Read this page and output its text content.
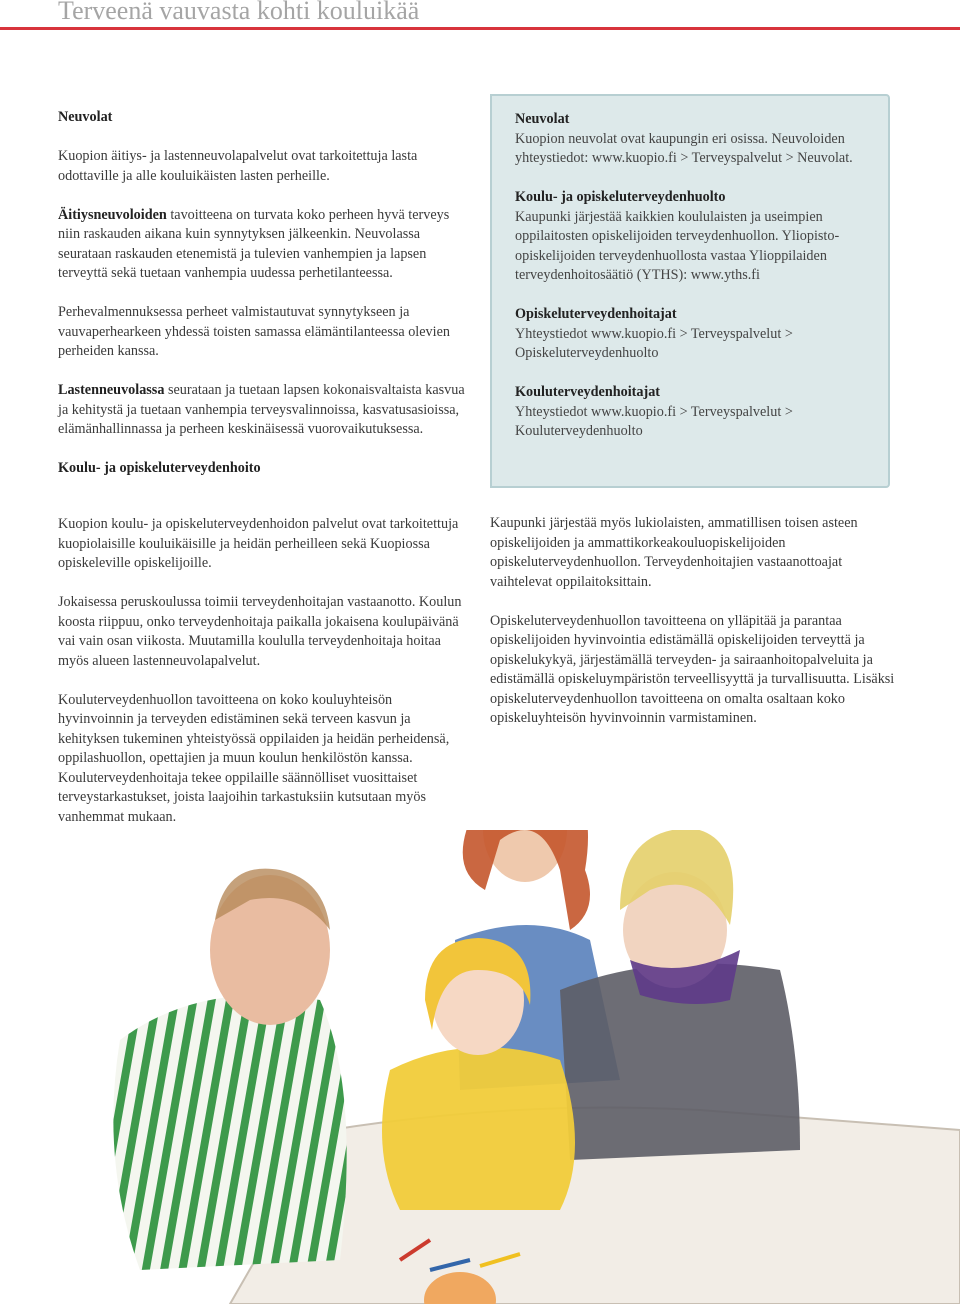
Terveenä vauvasta kohti kouluikää

Neuvolat

Kuopion äitiys- ja lastenneuvolapalvelut ovat tarkoitettuja lasta odottaville ja alle kouluikäisten lasten perheille.

Äitiysneuvoloiden tavoitteena on turvata koko perheen hyvä terveys niin raskauden aikana kuin synnytyksen jälkeenkin. Neuvolassa seurataan raskauden etenemistä ja tulevien vanhempien ja lapsen terveyttä sekä tuetaan vanhempia uudessa perhetilanteessa.

Perhevalmennuksessa perheet valmistautuvat synnytykseen ja vauvaperhearkeen yhdessä toisten samassa elämäntilanteessa olevien perheiden kanssa.

Lastenneuvolassa seurataan ja tuetaan lapsen kokonaisvaltaista kasvua ja kehitystä ja tuetaan vanhempia terveysvalinnoissa, kasvatusasioissa, elämänhallinnassa ja perheen keskinäisessä vuorovaikutuksessa.

Koulu- ja opiskeluterveydenhoito

Kuopion koulu- ja opiskeluterveydenhoidon palvelut ovat tarkoitettuja kuopiolaisille kouluikäisille ja heidän perheilleen sekä Kuopiossa opiskeleville opiskelijoille.

Jokaisessa peruskoulussa toimii terveydenhoitajan vastaanotto. Koulun koosta riippuu, onko terveydenhoitaja paikalla jokaisena koulupäivänä vai vain osan viikosta. Muutamilla koululla terveydenhoitaja hoitaa myös alueen lastenneuvolapalvelut.

Kouluterveydenhuollon tavoitteena on koko kouluyhteisön hyvinvoinnin ja terveyden edistäminen sekä terveen kasvun ja kehityksen tukeminen yhteistyössä oppilaiden ja heidän perheidensä, oppilashuollon, opettajien ja muun koulun henkilöstön kanssa. Kouluterveydenhoitaja tekee oppilaille säännölliset vuosittaiset terveystarkastukset, joista laajoihin tarkastuksiin kutsutaan myös vanhemmat mukaan.

Neuvolat
Kuopion neuvolat ovat kaupungin eri osissa. Neuvoloiden yhteystiedot: www.kuopio.fi > Terveyspalvelut > Neuvolat.

Koulu- ja opiskeluterveydenhuolto
Kaupunki järjestää kaikkien koululaisten ja useimpien oppilaitosten opiskelijoiden terveydenhuollon. Yliopisto-opiskelijoiden terveydenhuollosta vastaa Ylioppilaiden terveydenhoitosäätiö (YTHS): www.yths.fi

Opiskeluterveydenhoitajat
Yhteystiedot www.kuopio.fi > Terveyspalvelut > Opiskeluterveydenhuolto

Kouluterveydenhoitajat
Yhteystiedot www.kuopio.fi > Terveyspalvelut > Kouluterveydenhuolto

Kaupunki järjestää myös lukiolaisten, ammatillisen toisen asteen opiskelijoiden ja ammattikorkeakouluopiskelijoiden opiskeluterveydenhuollon. Terveydenhoitajien vastaanottoajat vaihtelevat oppilaitoksittain.

Opiskeluterveydenhuollon tavoitteena on ylläpitää ja parantaa opiskelijoiden hyvinvointia edistämällä opiskelijoiden terveyttä ja opiskelukykyä, järjestämällä terveyden- ja sairaanhoitopalveluita ja edistämällä opiskeluympäristön terveellisyyttä ja turvallisuutta. Lisäksi opiskeluterveydenhuollon tavoitteena on omalta osaltaan koko opiskeluyhteisön hyvinvoinnin varmistaminen.
